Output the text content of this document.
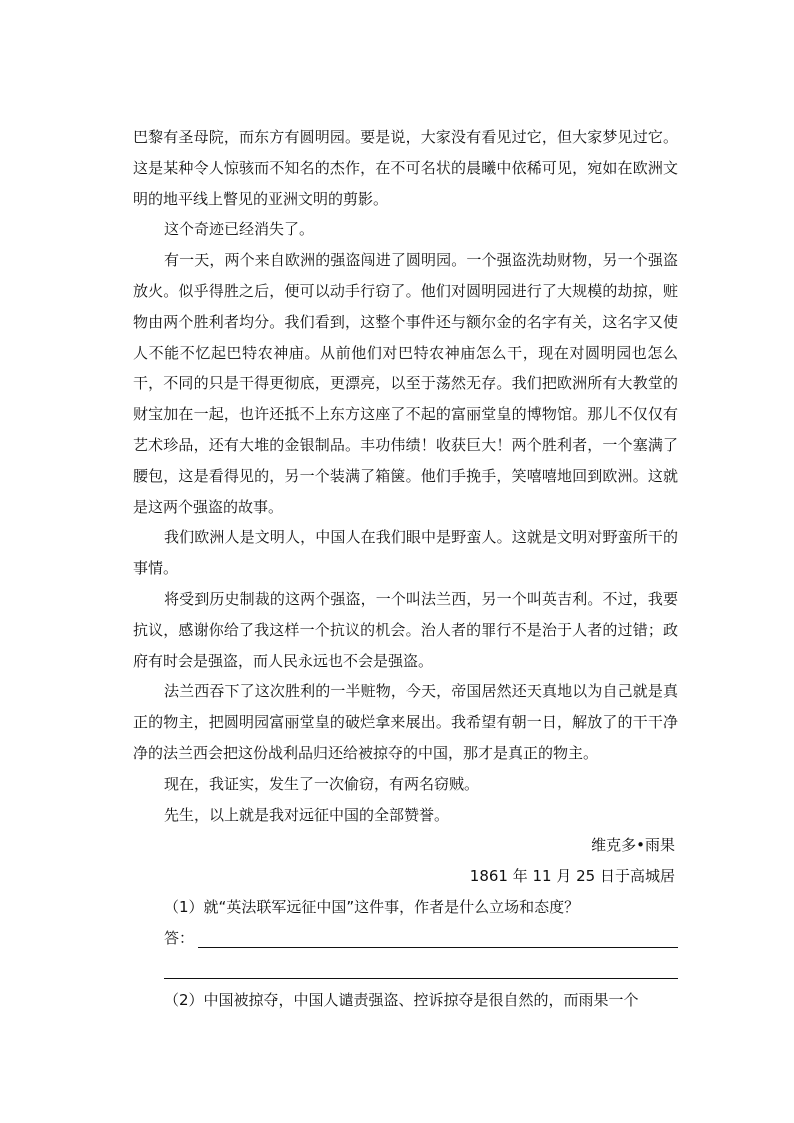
巴黎有圣母院，而东方有圆明园。要是说，大家没有看见过它，但大家梦见过它。这是某种令人惊骇而不知名的杰作，在不可名状的晨曦中依稀可见，宛如在欧洲文明的地平线上瞥见的亚洲文明的剪影。

这个奇迹已经消失了。

有一天，两个来自欧洲的强盗闯进了圆明园。一个强盗洗劫财物，另一个强盗放火。似乎得胜之后，便可以动手行窃了。他们对圆明园进行了大规模的劫掠，赃物由两个胜利者均分。我们看到，这整个事件还与额尔金的名字有关，这名字又使人不能不忆起巴特农神庙。从前他们对巴特农神庙怎么干，现在对圆明园也怎么干，不同的只是干得更彻底，更漂亮，以至于荡然无存。我们把欧洲所有大教堂的财宝加在一起，也许还抵不上东方这座了不起的富丽堂皇的博物馆。那儿不仅仅有艺术珍品，还有大堆的金银制品。丰功伟绩！收获巨大！两个胜利者，一个塞满了腰包，这是看得见的，另一个装满了箱箧。他们手挽手，笑嘻嘻地回到欧洲。这就是这两个强盗的故事。

我们欧洲人是文明人，中国人在我们眼中是野蛮人。这就是文明对野蛮所干的事情。

将受到历史制裁的这两个强盗，一个叫法兰西，另一个叫英吉利。不过，我要抗议，感谢你给了我这样一个抗议的机会。治人者的罪行不是治于人者的过错；政府有时会是强盗，而人民永远也不会是强盗。

法兰西吞下了这次胜利的一半赃物，今天，帝国居然还天真地以为自己就是真正的物主，把圆明园富丽堂皇的破烂拿来展出。我希望有朝一日，解放了的干干净净的法兰西会把这份战利品归还给被掠夺的中国，那才是真正的物主。

现在，我证实，发生了一次偷窃，有两名窃贼。

先生，以上就是我对远征中国的全部赞誉。

维克多•雨果

1861 年 11 月 25 日于高城居

（1）就“英法联军远征中国”这件事，作者是什么立场和态度？

答：

（2）中国被掠夺，中国人谴责强盗、控诉掠夺是很自然的，而雨果一个
